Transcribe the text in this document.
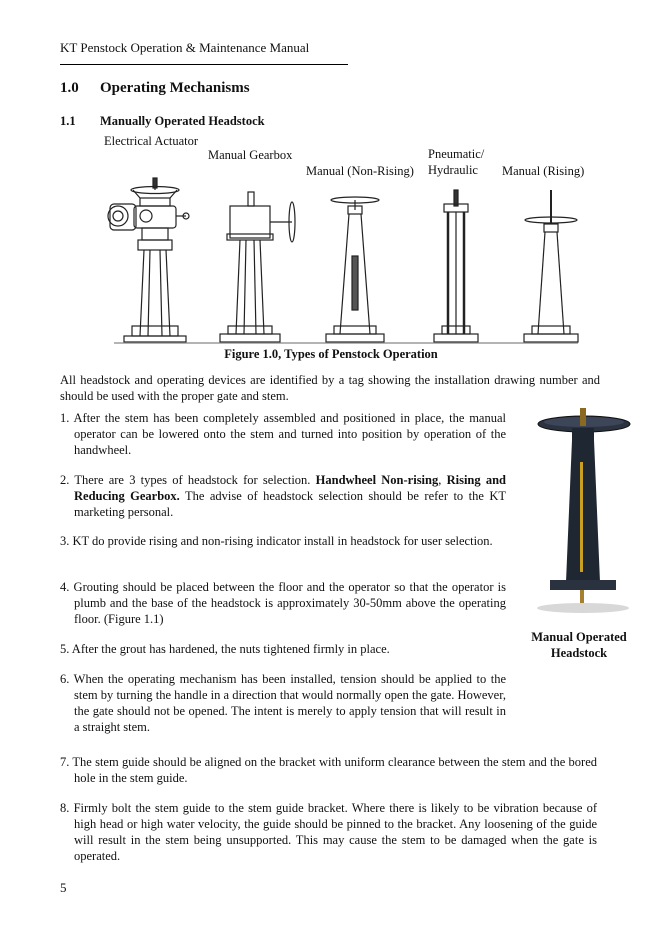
KT Penstock Operation & Maintenance Manual
1.0 Operating Mechanisms
1.1 Manually Operated Headstock
Electrical Actuator
Manual Gearbox
Manual (Non-Rising)
Pneumatic/
Hydraulic Manual (Rising)
Figure 1.0, Types of Penstock Operation
All headstock and operating devices are identified by a tag showing the installation drawing number and should be used with the proper gate and stem.
1. After the stem has been completely assembled and positioned in place, the manual operator can be lowered onto the stem and turned into position by operation of the handwheel.
2. There are 3 types of headstock for selection. Handwheel Non-rising, Rising and Reducing Gearbox. The advise of headstock selection should be refer to the KT marketing personal.
3. KT do provide rising and non-rising indicator install in headstock for user selection.
4. Grouting should be placed between the floor and the operator so that the operator is plumb and the base of the headstock is approximately 30-50mm above the operating floor. (Figure 1.1)
5. After the grout has hardened, the nuts tightened firmly in place.
6. When the operating mechanism has been installed, tension should be applied to the stem by turning the handle in a direction that would normally open the gate. However, the gate should not be opened. The intent is merely to apply tension that will result in a straight stem.
7. The stem guide should be aligned on the bracket with uniform clearance between the stem and the bored hole in the stem guide.
8. Firmly bolt the stem guide to the stem guide bracket. Where there is likely to be vibration because of high head or high water velocity, the guide should be pinned to the bracket. Any loosening of the guide will result in the stem being unsupported. This may cause the stem to be damaged when the gate is operated.
Manual Operated
Headstock
5
